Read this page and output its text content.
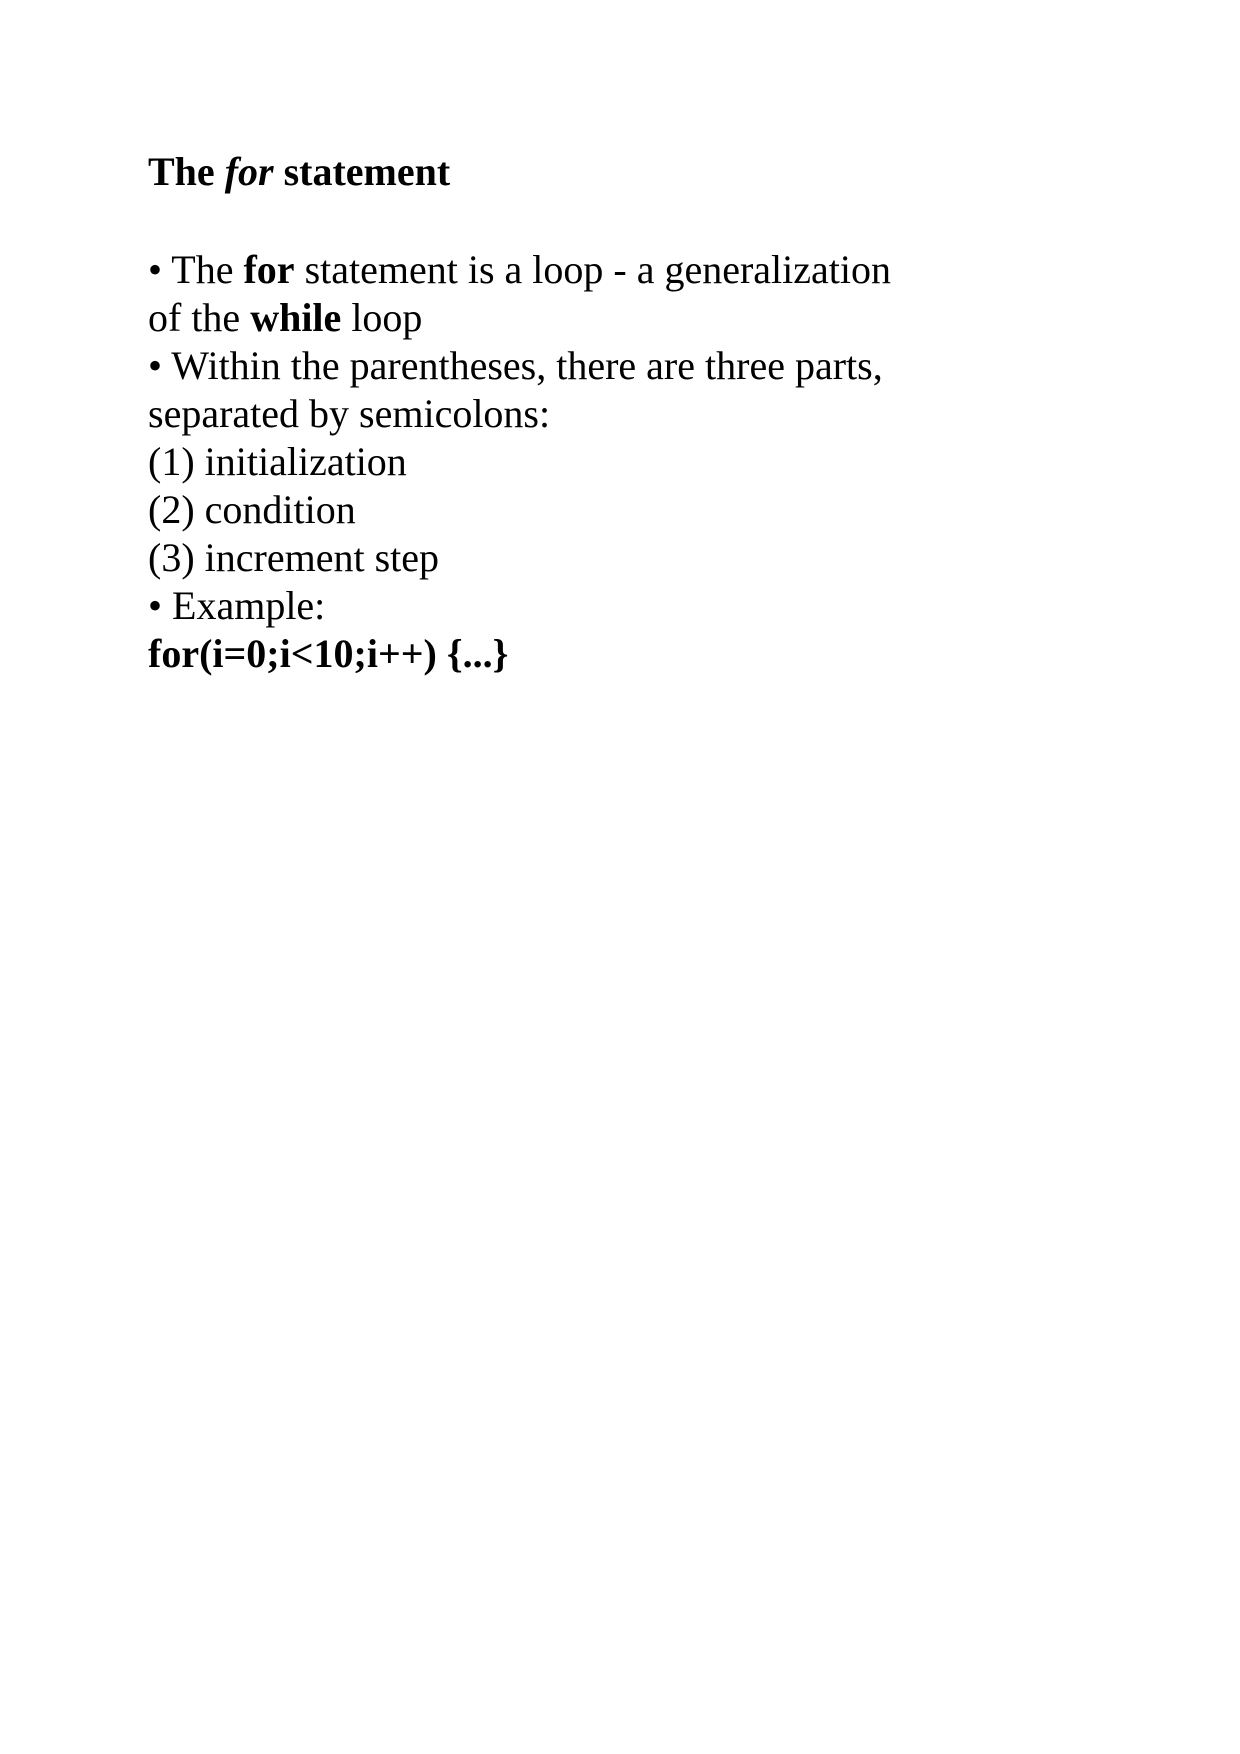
The for statement
• The for statement is a loop - a generalization
of the while loop
• Within the parentheses, there are three parts,
separated by semicolons:
(1) initialization
(2) condition
(3) increment step
• Example:
for(i=0;i<10;i++) {...}
